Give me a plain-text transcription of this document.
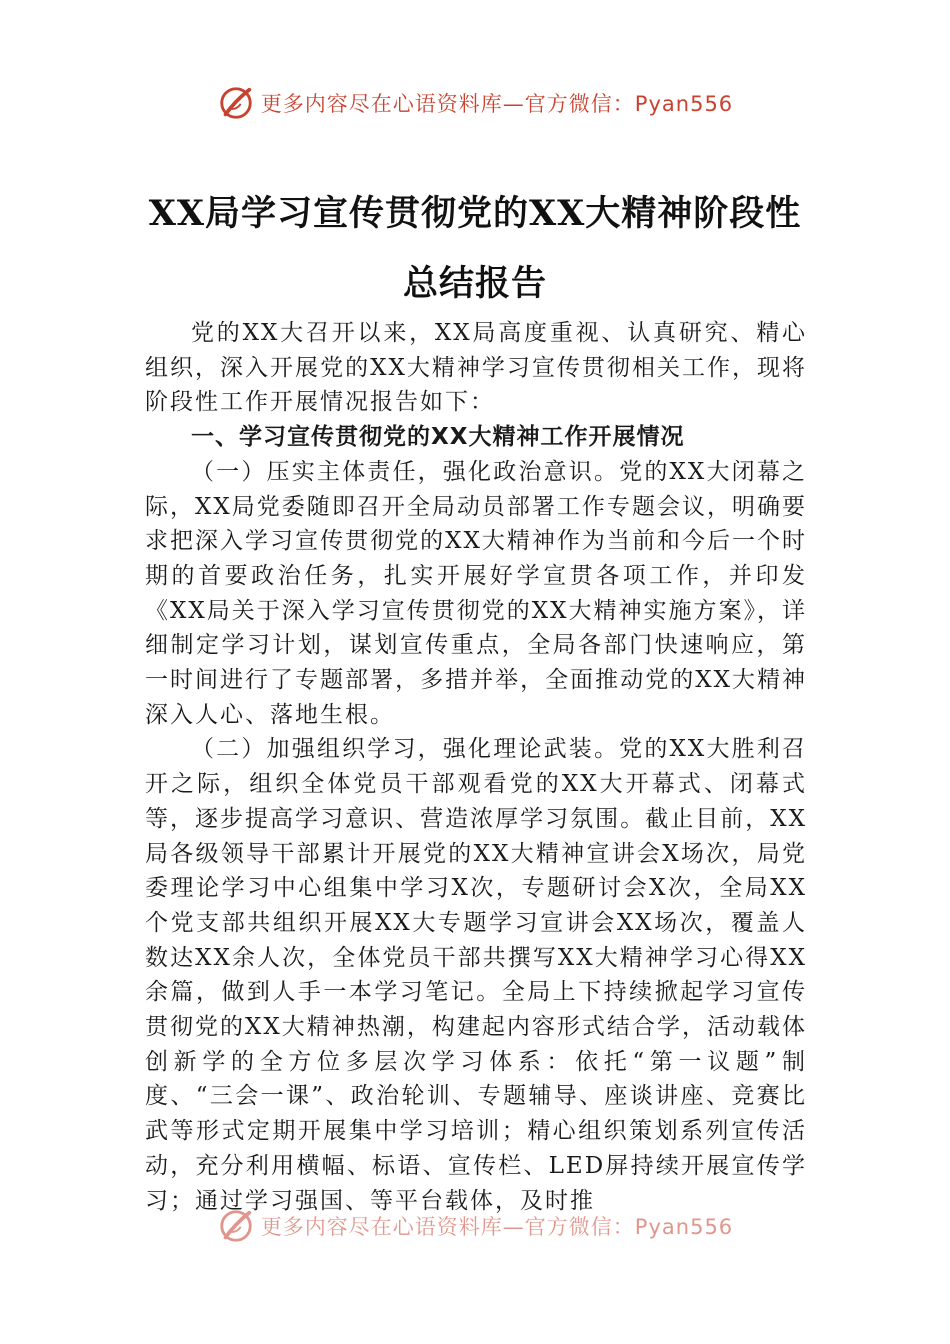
更多内容尽在心语资料库—官方微信：Pyan556
XX局学习宣传贯彻党的XX大精神阶段性
总结报告

党的XX大召开以来，XX局高度重视、认真研究、精心组织，深入开展党的XX大精神学习宣传贯彻相关工作，现将阶段性工作开展情况报告如下：

一、学习宣传贯彻党的XX大精神工作开展情况

（一）压实主体责任，强化政治意识。党的XX大闭幕之际，XX局党委随即召开全局动员部署工作专题会议，明确要求把深入学习宣传贯彻党的XX大精神作为当前和今后一个时期的首要政治任务，扎实开展好学宣贯各项工作，并印发《XX局关于深入学习宣传贯彻党的XX大精神实施方案》，详细制定学习计划，谋划宣传重点，全局各部门快速响应，第一时间进行了专题部署，多措并举，全面推动党的XX大精神深入人心、落地生根。

（二）加强组织学习，强化理论武装。党的XX大胜利召开之际，组织全体党员干部观看党的XX大开幕式、闭幕式等，逐步提高学习意识、营造浓厚学习氛围。截止目前，XX局各级领导干部累计开展党的XX大精神宣讲会X场次，局党委理论学习中心组集中学习X次，专题研讨会X次，全局XX个党支部共组织开展XX大专题学习宣讲会XX场次，覆盖人数达XX余人次，全体党员干部共撰写XX大精神学习心得XX余篇，做到人手一本学习笔记。全局上下持续掀起学习宣传贯彻党的XX大精神热潮，构建起内容形式结合学，活动载体创新学的全方位多层次学习体系：依托“第一议题”制度、“三会一课”、政治轮训、专题辅导、座谈讲座、竞赛比武等形式定期开展集中学习培训；精心组织策划系列宣传活动，充分利用横幅、标语、宣传栏、LED屏持续开展宣传学习；通过学习强国、等平台载体，及时推

更多内容尽在心语资料库—官方微信：Pyan556
